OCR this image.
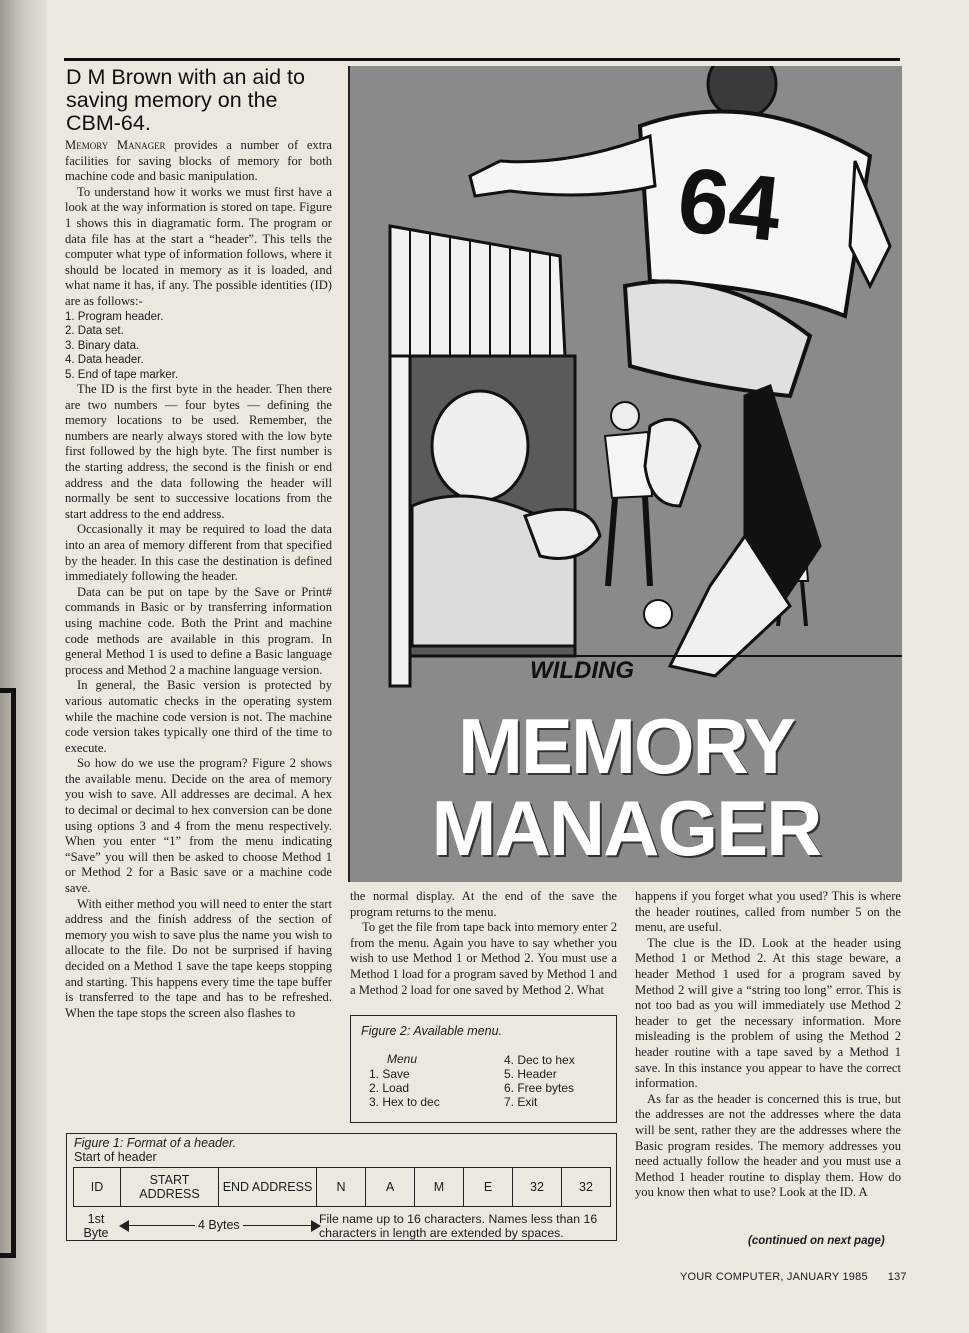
D M Brown with an aid to saving memory on the CBM-64.

Memory Manager provides a number of extra facilities for saving blocks of memory for both machine code and basic manipulation.

To understand how it works we must first have a look at the way information is stored on tape. Figure 1 shows this in diagramatic form. The program or data file has at the start a “header”. This tells the computer what type of information follows, where it should be located in memory as it is loaded, and what name it has, if any. The possible identities (ID) are as follows:-

1. Program header.
2. Data set.
3. Binary data.
4. Data header.
5. End of tape marker.

The ID is the first byte in the header. Then there are two numbers — four bytes — defining the memory locations to be used. Remember, the numbers are nearly always stored with the low byte first followed by the high byte. The first number is the starting address, the second is the finish or end address and the data following the header will normally be sent to successive locations from the start address to the end address.

Occasionally it may be required to load the data into an area of memory different from that specified by the header. In this case the destination is defined immediately following the header.

Data can be put on tape by the Save or Print# commands in Basic or by transferring information using machine code. Both the Print and machine code methods are available in this program. In general Method 1 is used to define a Basic language process and Method 2 a machine language version.

In general, the Basic version is protected by various automatic checks in the operating system while the machine code version is not. The machine code version takes typically one third of the time to execute.

So how do we use the program? Figure 2 shows the available menu. Decide on the area of memory you wish to save. All addresses are decimal. A hex to decimal or decimal to hex conversion can be done using options 3 and 4 from the menu respectively. When you enter “1” from the menu indicating “Save” you will then be asked to choose Method 1 or Method 2 for a Basic save or a machine code save.

With either method you will need to enter the start address and the finish address of the section of memory you wish to save plus the name you wish to allocate to the file. Do not be surprised if having decided on a Method 1 save the tape keeps stopping and starting. This happens every time the tape buffer is transferred to the tape and has to be refreshed. When the tape stops the screen also flashes to

64
WILDING
MEMORY
MANAGER

the normal display. At the end of the save the program returns to the menu.

To get the file from tape back into memory enter 2 from the menu. Again you have to say whether you wish to use Method 1 or Method 2. You must use a Method 1 load for a program saved by Method 1 and a Method 2 load for one saved by Method 2. What

Figure 2: Available menu.
Menu
1. Save
2. Load
3. Hex to dec
4. Dec to hex
5. Header
6. Free bytes
7. Exit

happens if you forget what you used? This is where the header routines, called from number 5 on the menu, are useful.

The clue is the ID. Look at the header using Method 1 or Method 2. At this stage beware, a header Method 1 used for a program saved by Method 2 will give a “string too long” error. This is not too bad as you will immediately use Method 2 header to get the necessary information. More misleading is the problem of using the Method 2 header routine with a tape saved by a Method 1 save. In this instance you appear to have the correct information.

As far as the header is concerned this is true, but the addresses are not the addresses where the data will be sent, rather they are the addresses where the Basic program resides. The memory addresses you need actually follow the header and you must use a Method 1 header routine to display them. How do you know then what to use? Look at the ID. A

(continued on next page)
Figure 1: Format of a header.
Start of header
ID	START ADDRESS	END ADDRESS	N	A	M	E	32	32
1st Byte
4 Bytes	File name up to 16 characters. Names less than 16 characters in length are extended by spaces.
YOUR COMPUTER, JANUARY 1985 137
